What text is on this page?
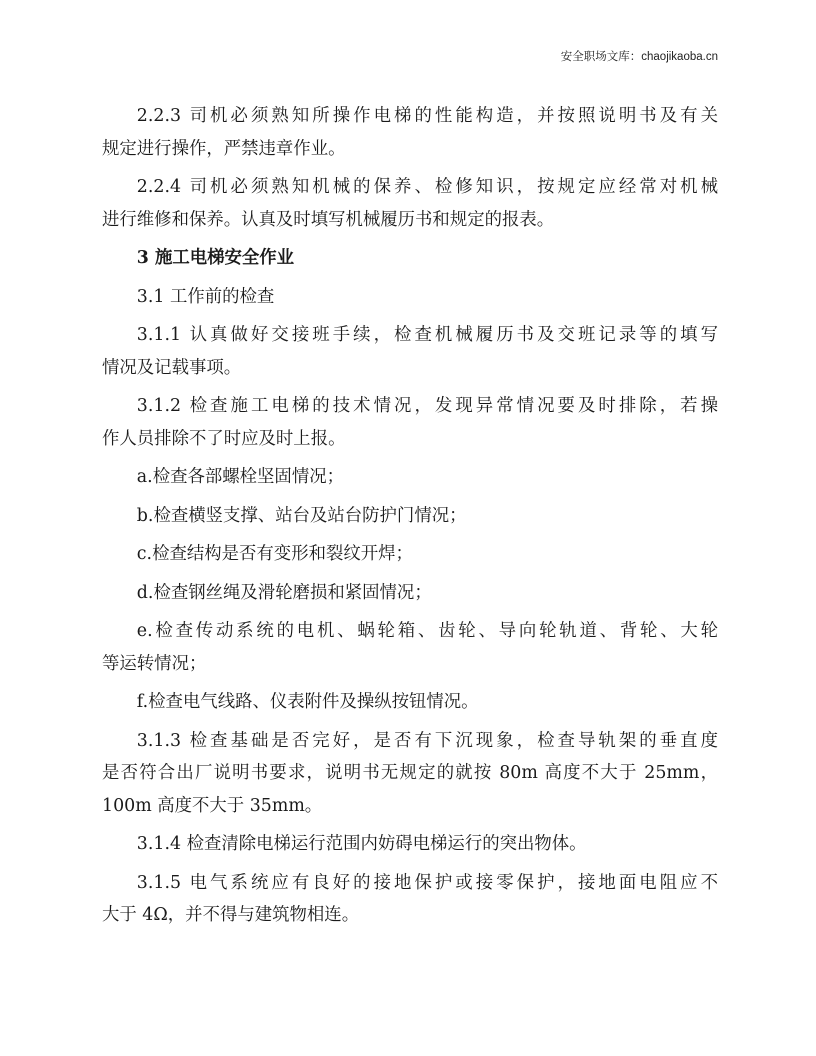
安全职场文库：chaojikaoba.cn

2.2.3 司机必须熟知所操作电梯的性能构造，并按照说明书及有关
规定进行操作，严禁违章作业。

2.2.4 司机必须熟知机械的保养、检修知识，按规定应经常对机械
进行维修和保养。认真及时填写机械履历书和规定的报表。

3 施工电梯安全作业

3.1 工作前的检查

3.1.1 认真做好交接班手续，检查机械履历书及交班记录等的填写
情况及记载事项。

3.1.2 检查施工电梯的技术情况，发现异常情况要及时排除，若操
作人员排除不了时应及时上报。

a.检查各部螺栓坚固情况；

b.检查横竖支撑、站台及站台防护门情况；

c.检查结构是否有变形和裂纹开焊；

d.检查钢丝绳及滑轮磨损和紧固情况；

e.检查传动系统的电机、蜗轮箱、齿轮、导向轮轨道、背轮、大轮
等运转情况；

f.检查电气线路、仪表附件及操纵按钮情况。

3.1.3 检查基础是否完好，是否有下沉现象，检查导轨架的垂直度
是否符合出厂说明书要求，说明书无规定的就按 80m 高度不大于 25mm，
100m 高度不大于 35mm。

3.1.4 检查清除电梯运行范围内妨碍电梯运行的突出物体。

3.1.5 电气系统应有良好的接地保护或接零保护，接地面电阻应不
大于 4Ω，并不得与建筑物相连。
